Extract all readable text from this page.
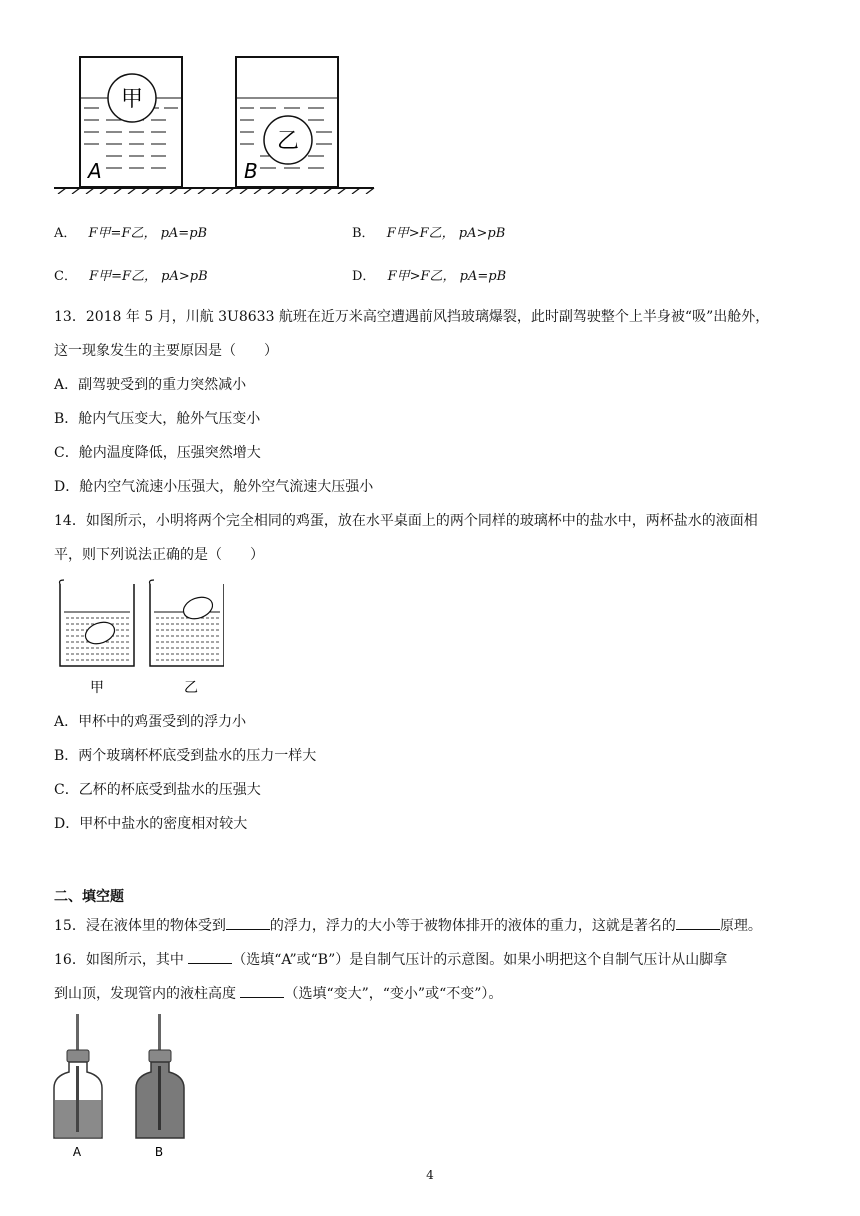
甲
A
乙
B
A． F甲=F乙， pA=pB	B． F甲>F乙， pA>pB
C． F甲=F乙， pA>pB	D． F甲>F乙， pA=pB
13．2018 年 5 月，川航 3U8633 航班在近万米高空遭遇前风挡玻璃爆裂，此时副驾驶整个上半身被“吸”出舱外，
这一现象发生的主要原因是（　　）
A．副驾驶受到的重力突然减小
B．舱内气压变大，舱外气压变小
C．舱内温度降低，压强突然增大
D．舱内空气流速小压强大，舱外空气流速大压强小
14．如图所示，小明将两个完全相同的鸡蛋，放在水平桌面上的两个同样的玻璃杯中的盐水中，两杯盐水的液面相
平，则下列说法正确的是（　　）
甲	乙
A．甲杯中的鸡蛋受到的浮力小
B．两个玻璃杯杯底受到盐水的压力一样大
C．乙杯的杯底受到盐水的压强大
D．甲杯中盐水的密度相对较大
二、填空题
15．浸在液体里的物体受到	的浮力，浮力的大小等于被物体排开的液体的重力，这就是著名的	原理。
16．如图所示，其中	（选填“A”或“B”）是自制气压计的示意图。如果小明把这个自制气压计从山脚拿
到山顶，发现管内的液柱高度	（选填“变大”，“变小”或“不变”）。
A	B
4
